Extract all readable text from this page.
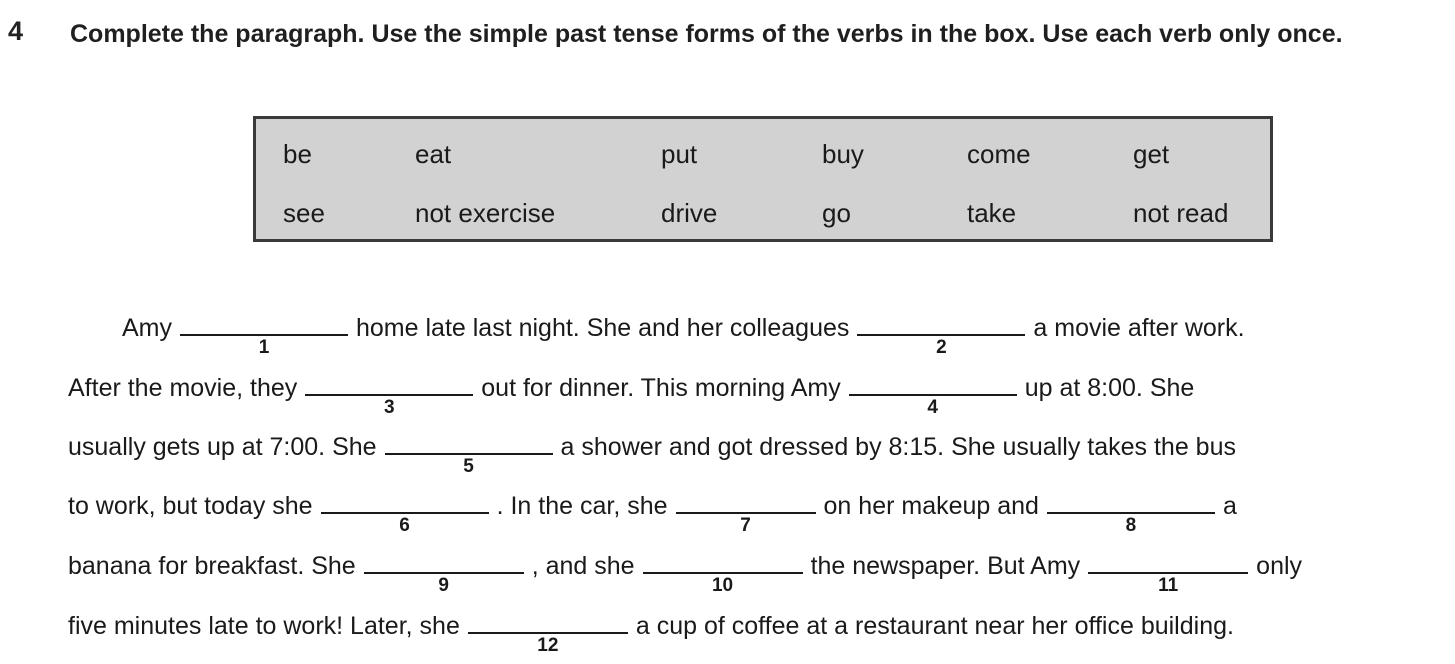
4 Complete the paragraph. Use the simple past tense forms of the verbs in the box. Use each verb only once.
be	eat	put	buy	come	get
see	not exercise	drive	go	take	not read
Amy
1
home late last night. She and her colleagues
2
a movie after work.
After the movie, they
3
out for dinner. This morning Amy
4
up at 8:00. She
usually gets up at 7:00. She
5
a shower and got dressed by 8:15. She usually takes the bus
to work, but today she
6
. In the car, she
7
on her makeup and
8
a
banana for breakfast. She
9
, and she
10
the newspaper. But Amy
11
only
five minutes late to work! Later, she
12
a cup of coffee at a restaurant near her office building.
